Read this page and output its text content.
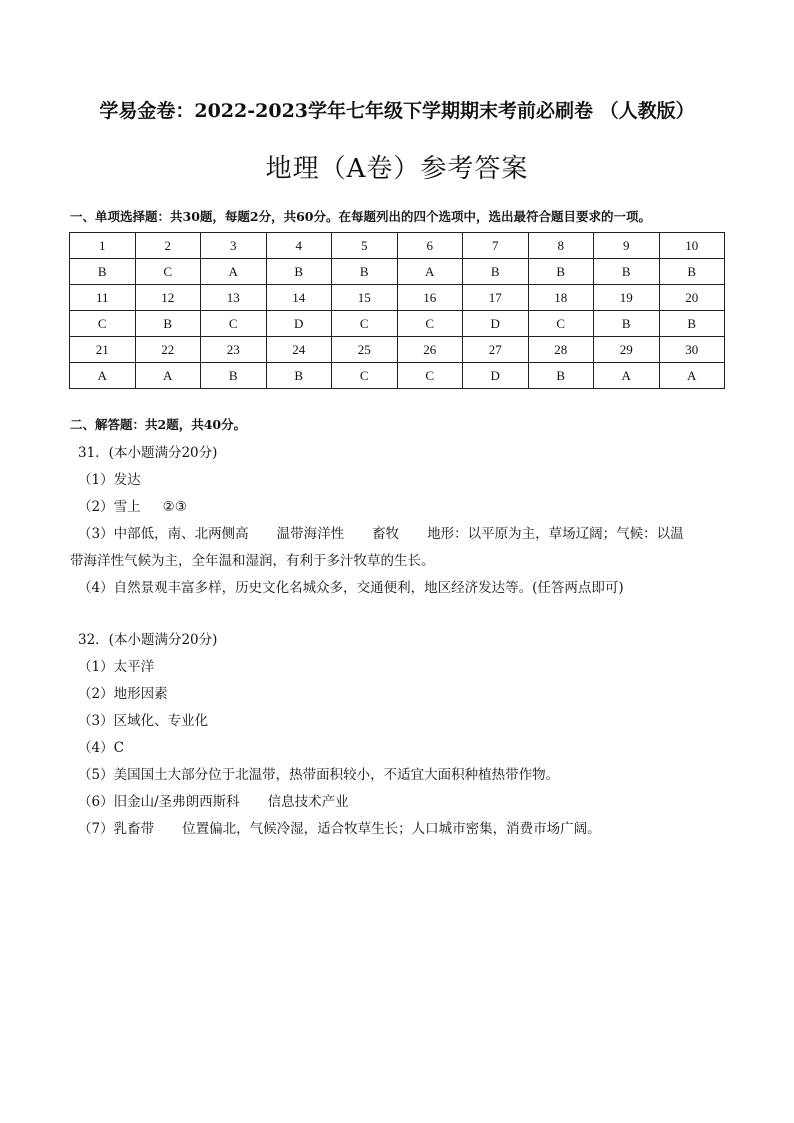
学易金卷：2022-2023学年七年级下学期期末考前必刷卷 （人教版）
地理（A卷）参考答案
一、单项选择题：共30题，每题2分，共60分。在每题列出的四个选项中，选出最符合题目要求的一项。
1	2	3	4	5	6	7	8	9	10
B	C	A	B	B	A	B	B	B	B
11	12	13	14	15	16	17	18	19	20
C	B	C	D	C	C	D	C	B	B
21	22	23	24	25	26	27	28	29	30
A	A	B	B	C	C	D	B	A	A
二、解答题：共2题，共40分。
31．(本小题满分20分)
（1）发达
（2）雪上 ②③
（3）中部低，南、北两侧高 温带海洋性 畜牧 地形：以平原为主，草场辽阔；气候：以温
带海洋性气候为主，全年温和湿润，有利于多汁牧草的生长。
（4）自然景观丰富多样，历史文化名城众多，交通便利，地区经济发达等。(任答两点即可)
32．(本小题满分20分)
（1）太平洋
（2）地形因素
（3）区域化、专业化
（4）C
（5）美国国土大部分位于北温带，热带面积较小，不适宜大面积种植热带作物。
（6）旧金山/圣弗朗西斯科 信息技术产业
（7）乳畜带 位置偏北，气候冷湿，适合牧草生长；人口城市密集，消费市场广阔。
